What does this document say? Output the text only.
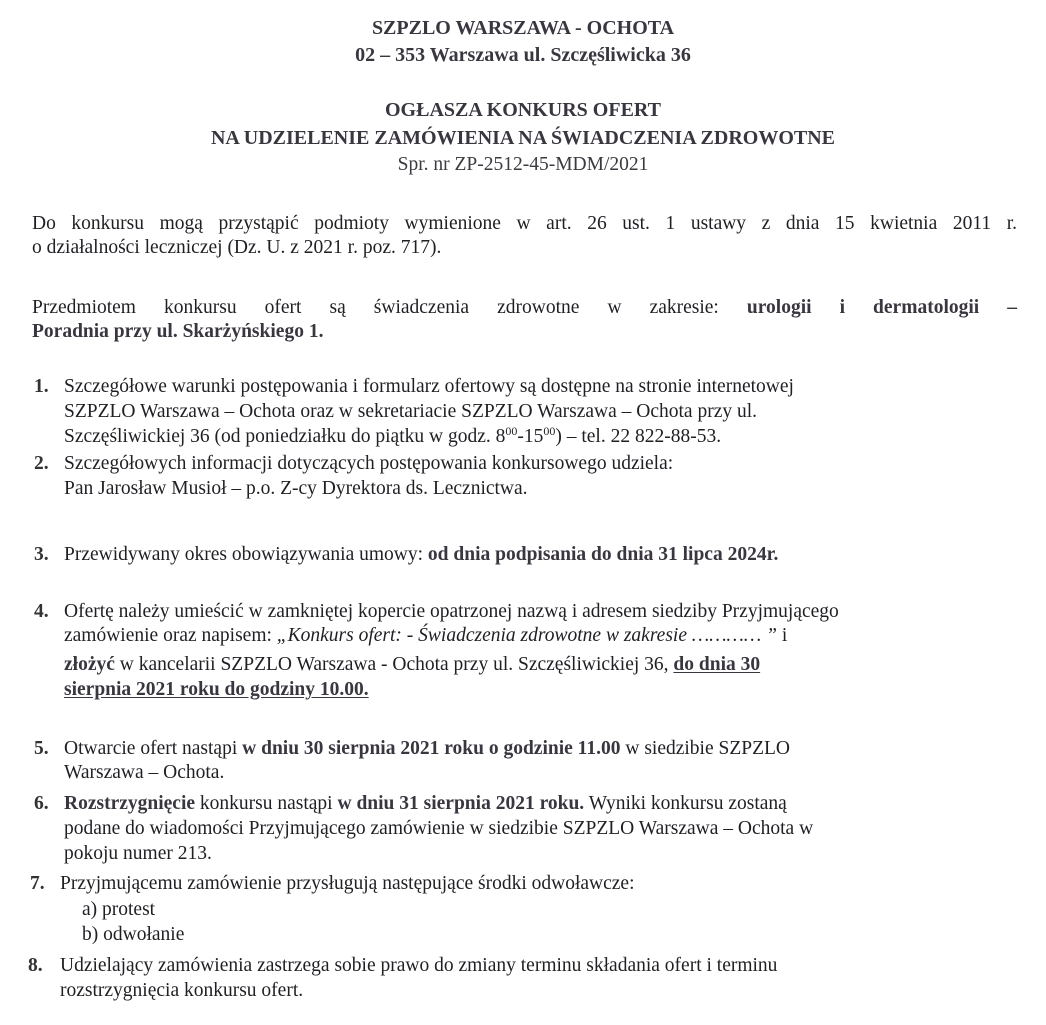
SZPZLO WARSZAWA - OCHOTA
02 – 353 Warszawa ul. Szczęśliwicka 36
OGŁASZA KONKURS OFERT
NA UDZIELENIE ZAMÓWIENIA NA ŚWIADCZENIA ZDROWOTNE
Spr. nr ZP-2512-45-MDM/2021
Do konkursu mogą przystąpić podmioty wymienione w art. 26 ust. 1 ustawy z dnia 15 kwietnia 2011 r.
o działalności leczniczej (Dz. U. z 2021 r. poz. 717).
Przedmiotem konkursu ofert są świadczenia zdrowotne w zakresie: urologii i dermatologii –
Poradnia przy ul. Skarżyńskiego 1.
1. Szczegółowe warunki postępowania i formularz ofertowy są dostępne na stronie internetowej
SZPZLO Warszawa – Ochota oraz w sekretariacie SZPZLO Warszawa – Ochota przy ul.
Szczęśliwickiej 36 (od poniedziałku do piątku w godz. $8^{00}-15^{00}$) – tel. 22 822-88-53.
2. Szczegółowych informacji dotyczących postępowania konkursowego udziela:
Pan Jarosław Musioł – p.o. Z-cy Dyrektora ds. Lecznictwa.
3. Przewidywany okres obowiązywania umowy: od dnia podpisania do dnia 31 lipca 2024r.
4. Ofertę należy umieścić w zamkniętej kopercie opatrzonej nazwą i adresem siedziby Przyjmującego
zamówienie oraz napisem: „Konkurs ofert: - Świadczenia zdrowotne w zakresie ………… ” i
złożyć w kancelarii SZPZLO Warszawa - Ochota przy ul. Szczęśliwickiej 36, do dnia 30
sierpnia 2021 roku do godziny 10.00.
5. Otwarcie ofert nastąpi w dniu 30 sierpnia 2021 roku o godzinie 11.00 w siedzibie SZPZLO
Warszawa – Ochota.
6. Rozstrzygnięcie konkursu nastąpi w dniu 31 sierpnia 2021 roku. Wyniki konkursu zostaną
podane do wiadomości Przyjmującego zamówienie w siedzibie SZPZLO Warszawa – Ochota w
pokoju numer 213.
7. Przyjmującemu zamówienie przysługują następujące środki odwoławcze:
a) protest
b) odwołanie
8. Udzielający zamówienia zastrzega sobie prawo do zmiany terminu składania ofert i terminu
rozstrzygnięcia konkursu ofert.
